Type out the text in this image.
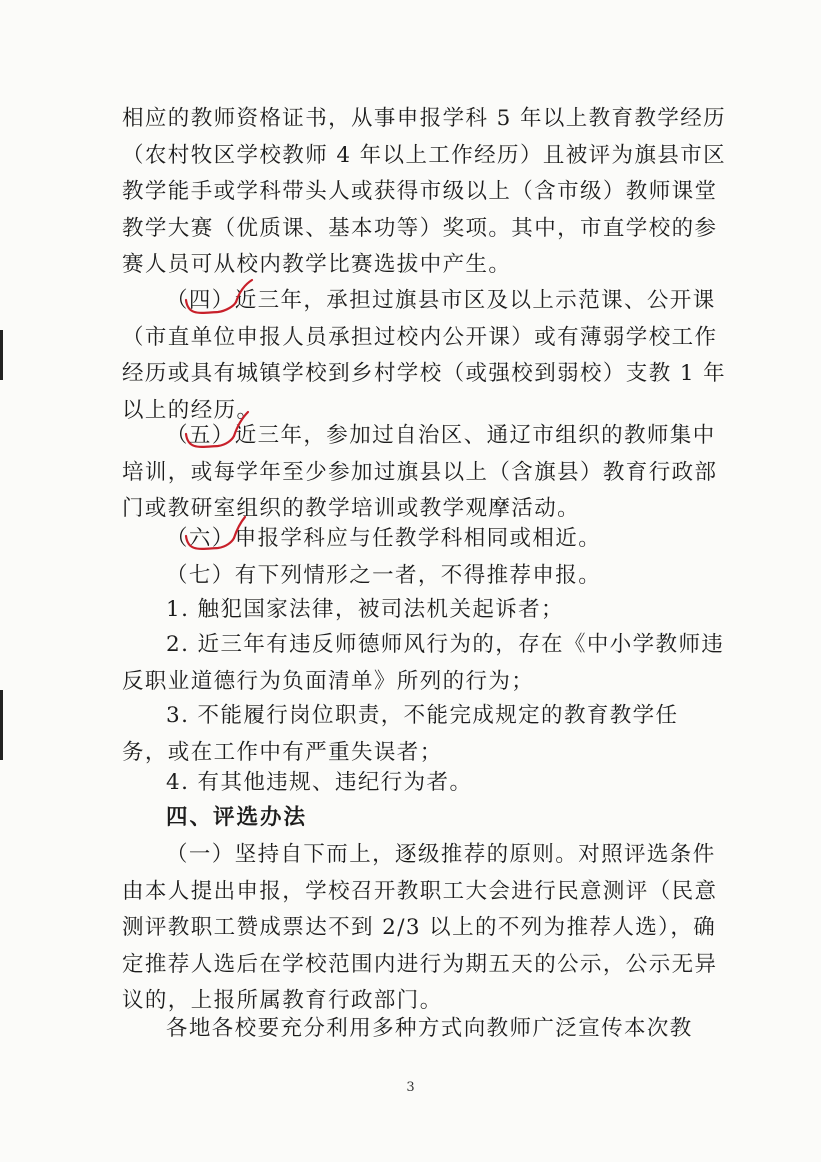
相应的教师资格证书，从事申报学科 5 年以上教育教学经历
（农村牧区学校教师 4 年以上工作经历）且被评为旗县市区
教学能手或学科带头人或获得市级以上（含市级）教师课堂
教学大赛（优质课、基本功等）奖项。其中，市直学校的参
赛人员可从校内教学比赛选拔中产生。

（四）近三年，承担过旗县市区及以上示范课、公开课
（市直单位申报人员承担过校内公开课）或有薄弱学校工作
经历或具有城镇学校到乡村学校（或强校到弱校）支教 1 年
以上的经历。

（五）近三年，参加过自治区、通辽市组织的教师集中
培训，或每学年至少参加过旗县以上（含旗县）教育行政部
门或教研室组织的教学培训或教学观摩活动。

（六）申报学科应与任教学科相同或相近。

（七）有下列情形之一者，不得推荐申报。

1. 触犯国家法律，被司法机关起诉者；

2. 近三年有违反师德师风行为的，存在《中小学教师违
反职业道德行为负面清单》所列的行为；

3. 不能履行岗位职责，不能完成规定的教育教学任
务，或在工作中有严重失误者；

4. 有其他违规、违纪行为者。

四、评选办法

（一）坚持自下而上，逐级推荐的原则。对照评选条件
由本人提出申报，学校召开教职工大会进行民意测评（民意
测评教职工赞成票达不到 2/3 以上的不列为推荐人选），确
定推荐人选后在学校范围内进行为期五天的公示，公示无异
议的，上报所属教育行政部门。

各地各校要充分利用多种方式向教师广泛宣传本次教

3
